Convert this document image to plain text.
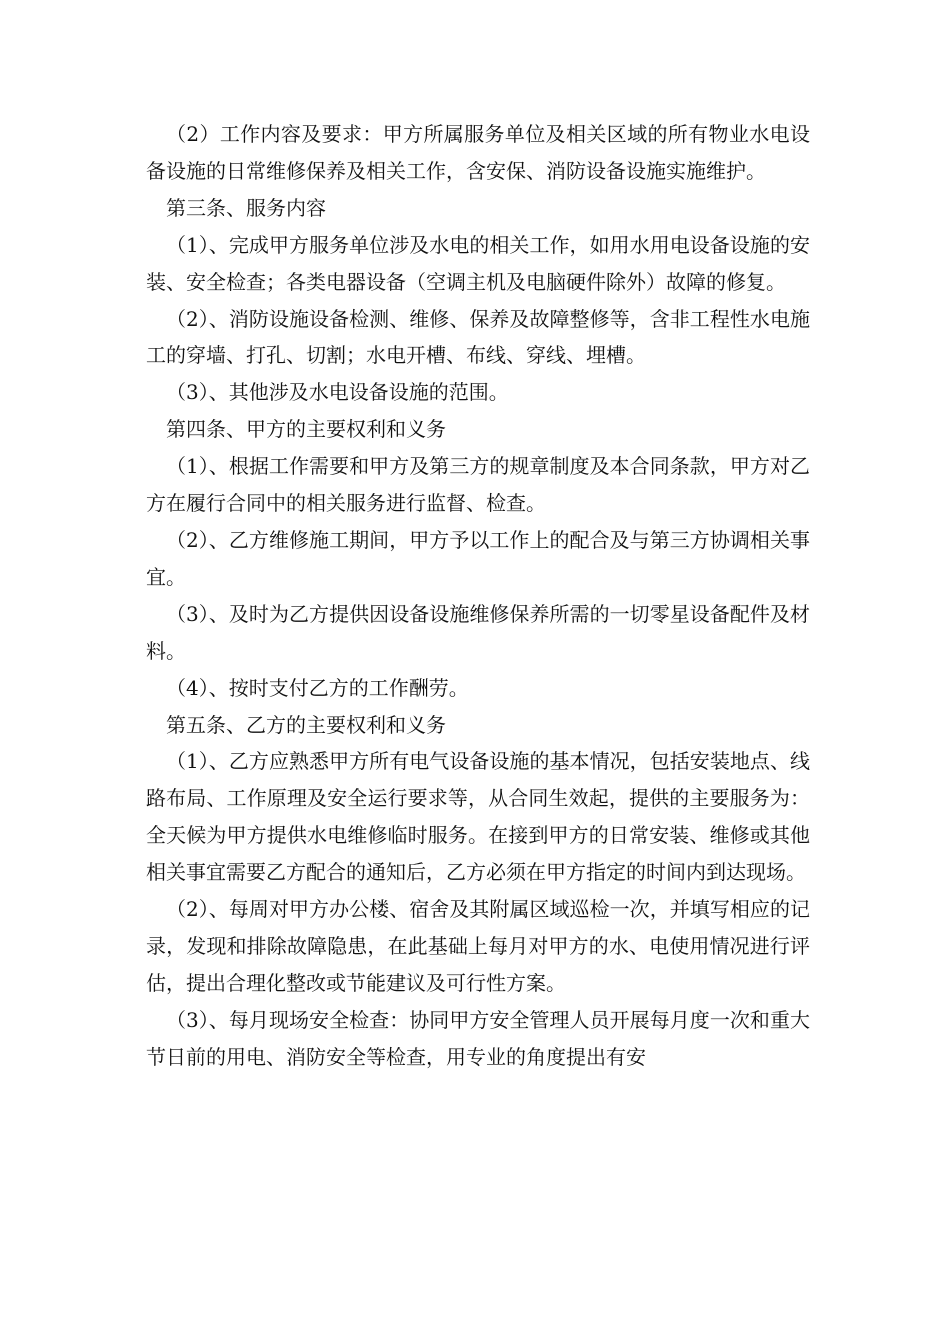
（2）工作内容及要求：甲方所属服务单位及相关区域的所有物业水电设备设施的日常维修保养及相关工作，含安保、消防设备设施实施维护。

第三条、服务内容

（1）、完成甲方服务单位涉及水电的相关工作，如用水用电设备设施的安装、安全检查；各类电器设备（空调主机及电脑硬件除外）故障的修复。

（2）、消防设施设备检测、维修、保养及故障整修等，含非工程性水电施工的穿墙、打孔、切割；水电开槽、布线、穿线、埋槽。

（3）、其他涉及水电设备设施的范围。

第四条、甲方的主要权利和义务

（1）、根据工作需要和甲方及第三方的规章制度及本合同条款，甲方对乙方在履行合同中的相关服务进行监督、检查。

（2）、乙方维修施工期间，甲方予以工作上的配合及与第三方协调相关事宜。

（3）、及时为乙方提供因设备设施维修保养所需的一切零星设备配件及材料。

（4）、按时支付乙方的工作酬劳。

第五条、乙方的主要权利和义务

（1）、乙方应熟悉甲方所有电气设备设施的基本情况，包括安装地点、线路布局、工作原理及安全运行要求等，从合同生效起，提供的主要服务为：全天候为甲方提供水电维修临时服务。在接到甲方的日常安装、维修或其他相关事宜需要乙方配合的通知后，乙方必须在甲方指定的时间内到达现场。

（2）、每周对甲方办公楼、宿舍及其附属区域巡检一次，并填写相应的记录，发现和排除故障隐患，在此基础上每月对甲方的水、电使用情况进行评估，提出合理化整改或节能建议及可行性方案。

（3）、每月现场安全检查：协同甲方安全管理人员开展每月度一次和重大节日前的用电、消防安全等检查，用专业的角度提出有安
